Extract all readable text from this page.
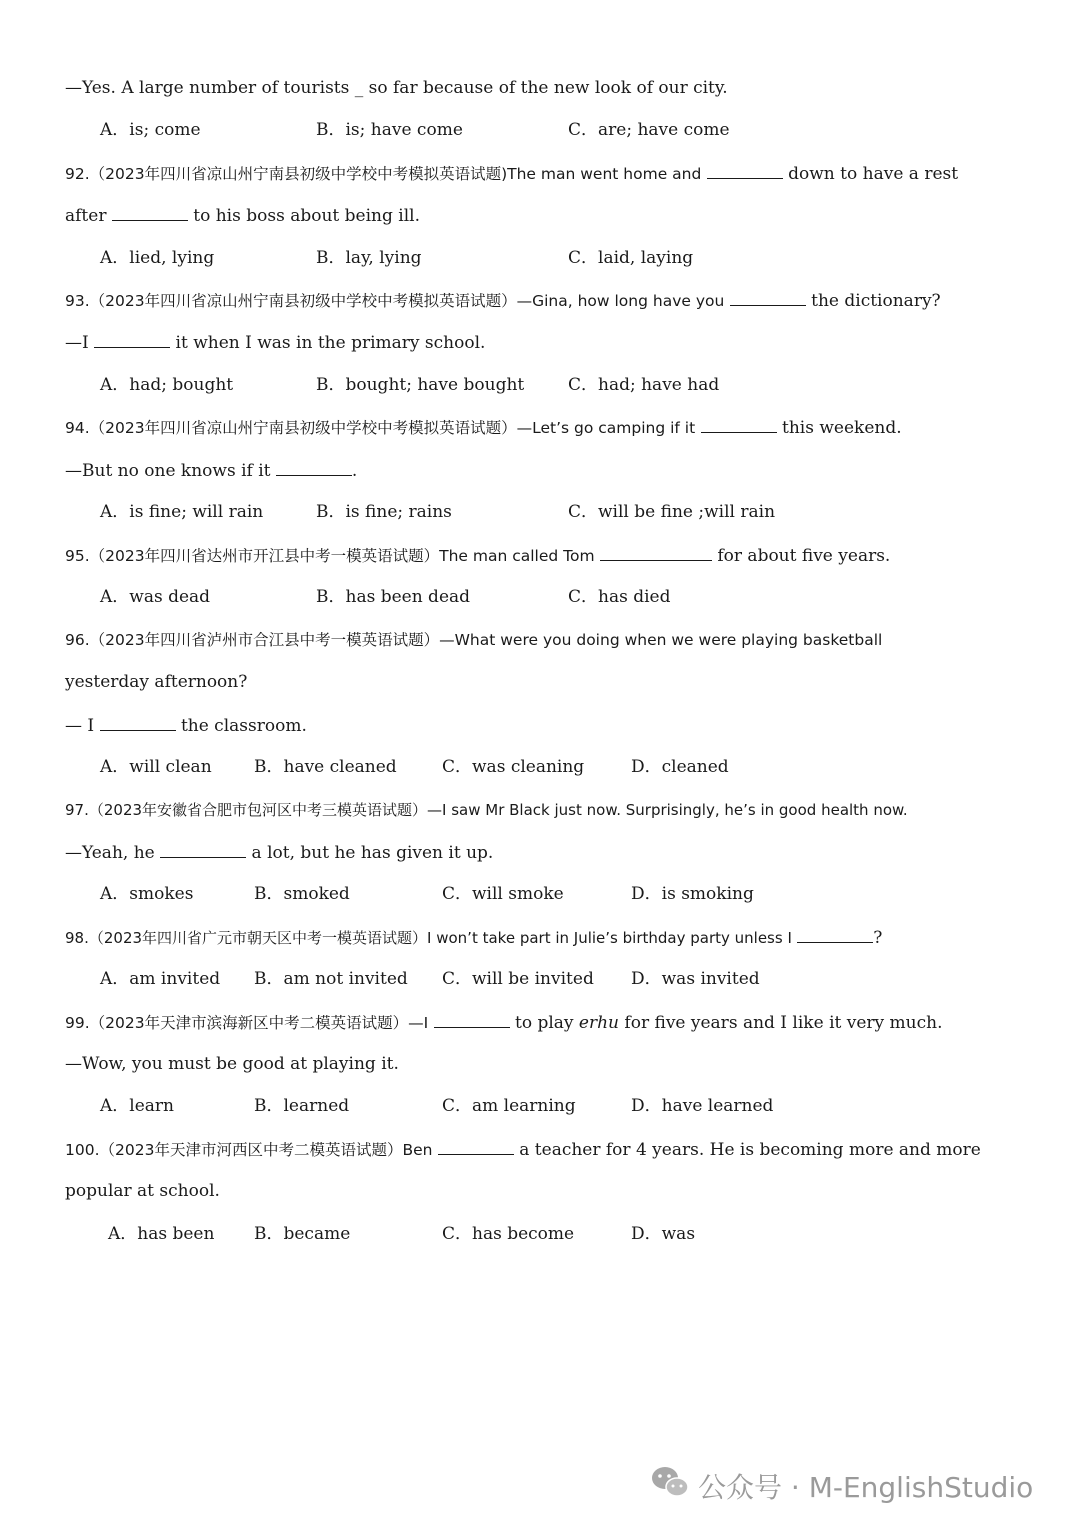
—Yes. A large number of tourists _ so far because of the new look of our city.
A．is; come	B．is; have come	C．are; have come
92.（2023年四川省凉山州宁南县初级中学校中考模拟英语试题)The man went home and	down to have a rest
after	to his boss about being ill.
A．lied, lying	B．lay, lying	C．laid, laying
93.（2023年四川省凉山州宁南县初级中学校中考模拟英语试题）—Gina, how long have you	the dictionary?
—I	it when I was in the primary school.
A．had; bought	B．bought; have bought	C．had; have had
94.（2023年四川省凉山州宁南县初级中学校中考模拟英语试题）—Let’s go camping if it	this weekend.
—But no one knows if it	.
A．is fine; will rain	B．is fine; rains	C．will be fine ;will rain
95.（2023年四川省达州市开江县中考一模英语试题）The man called Tom	for about five years.
A．was dead	B．has been dead	C．has died
96.（2023年四川省泸州市合江县中考一模英语试题）—What were you doing when we were playing basketball
yesterday afternoon?
— I	the classroom.
A．will clean B．have cleaned	C．was cleaning	D．cleaned
97.（2023年安徽省合肥市包河区中考三模英语试题）—I saw Mr Black just now. Surprisingly, he’s in good health now.
—Yeah, he	a lot, but he has given it up.
A．smokes	B．smoked	C．will smoke	D．is smoking
98.（2023年四川省广元市朝天区中考一模英语试题）I won’t take part in Julie’s birthday party unless I	?
A．am invited B．am not invited C．will be invited D．was invited
99.（2023年天津市滨海新区中考二模英语试题）—I	to play erhu for five years and I like it very much.
—Wow, you must be good at playing it.
A．learn	B．learned	C．am learning	D．have learned
100.（2023年天津市河西区中考二模英语试题）Ben	a teacher for 4 years. He is becoming more and more
popular at school.
A．has been B．became	C．has become	D．was
公众号 · M-EnglishStudio
